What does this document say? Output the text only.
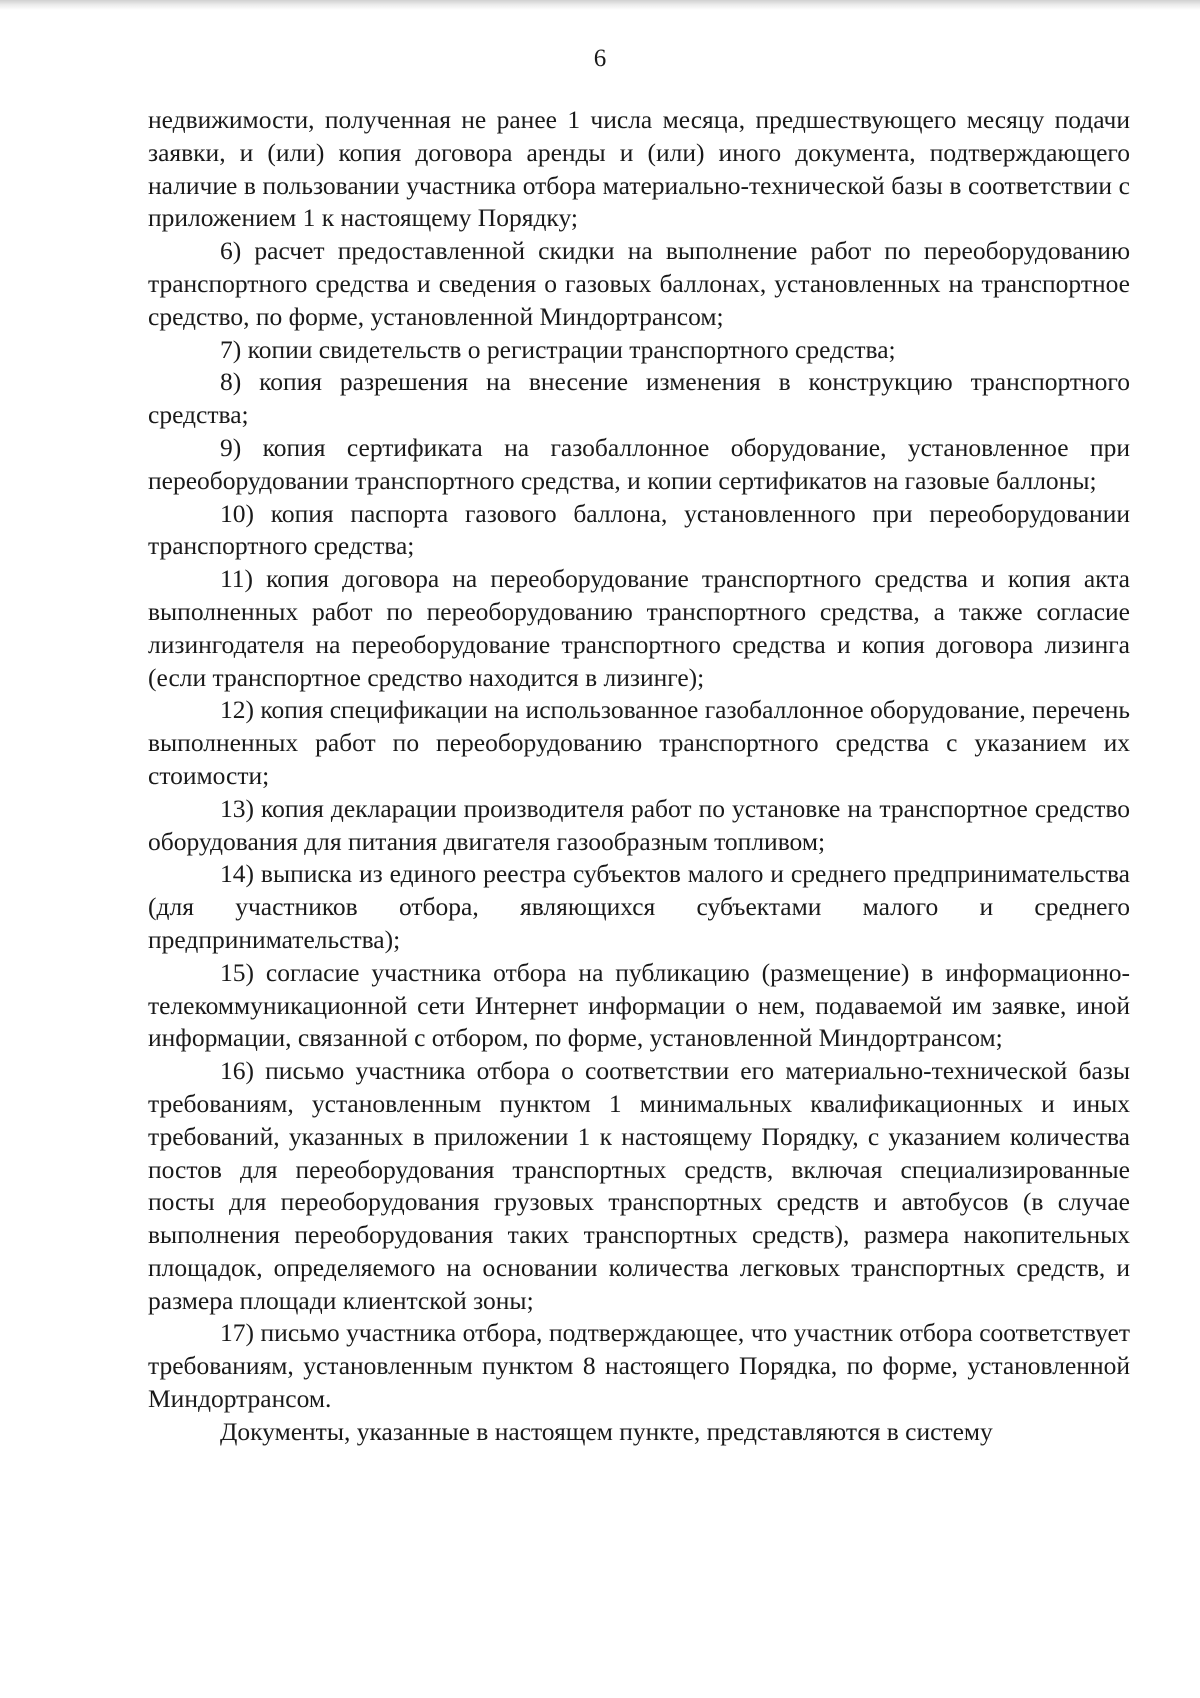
6

недвижимости, полученная не ранее 1 числа месяца, предшествующего месяцу подачи заявки, и (или) копия договора аренды и (или) иного документа, подтверждающего наличие в пользовании участника отбора материально-технической базы в соответствии с приложением 1 к настоящему Порядку;

6) расчет предоставленной скидки на выполнение работ по переоборудованию транспортного средства и сведения о газовых баллонах, установленных на транспортное средство, по форме, установленной Миндортрансом;

7) копии свидетельств о регистрации транспортного средства;

8) копия разрешения на внесение изменения в конструкцию транспортного средства;

9) копия сертификата на газобаллонное оборудование, установленное при переоборудовании транспортного средства, и копии сертификатов на газовые баллоны;

10) копия паспорта газового баллона, установленного при переоборудовании транспортного средства;

11) копия договора на переоборудование транспортного средства и копия акта выполненных работ по переоборудованию транспортного средства, а также согласие лизингодателя на переоборудование транспортного средства и копия договора лизинга (если транспортное средство находится в лизинге);

12) копия спецификации на использованное газобаллонное оборудование, перечень выполненных работ по переоборудованию транспортного средства с указанием их стоимости;

13) копия декларации производителя работ по установке на транспортное средство оборудования для питания двигателя газообразным топливом;

14) выписка из единого реестра субъектов малого и среднего предпринимательства (для участников отбора, являющихся субъектами малого и среднего предпринимательства);

15) согласие участника отбора на публикацию (размещение) в информационно-телекоммуникационной сети Интернет информации о нем, подаваемой им заявке, иной информации, связанной с отбором, по форме, установленной Миндортрансом;

16) письмо участника отбора о соответствии его материально-технической базы требованиям, установленным пунктом 1 минимальных квалификационных и иных требований, указанных в приложении 1 к настоящему Порядку, с указанием количества постов для переоборудования транспортных средств, включая специализированные посты для переоборудования грузовых транспортных средств и автобусов (в случае выполнения переоборудования таких транспортных средств), размера накопительных площадок, определяемого на основании количества легковых транспортных средств, и размера площади клиентской зоны;

17) письмо участника отбора, подтверждающее, что участник отбора соответствует требованиям, установленным пунктом 8 настоящего Порядка, по форме, установленной Миндортрансом.

Документы, указанные в настоящем пункте, представляются в систему
